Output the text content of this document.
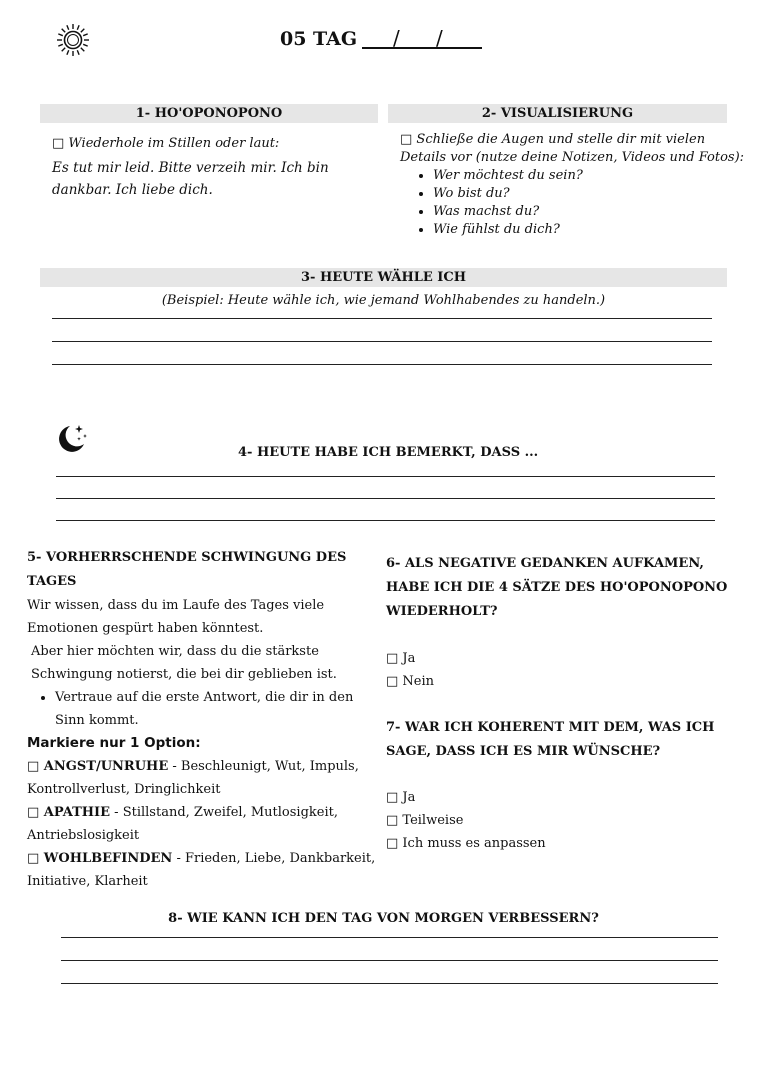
05 TAG / /
1- HO'OPONOPONO
□ Wiederhole im Stillen oder laut:
Es tut mir leid. Bitte verzeih mir. Ich bin dankbar. Ich liebe dich.
2- VISUALISIERUNG
□ Schließe die Augen und stelle dir mit vielen Details vor (nutze deine Notizen, Videos und Fotos):
• Wer möchtest du sein?
• Wo bist du?
• Was machst du?
• Wie fühlst du dich?
3- HEUTE WÄHLE ICH
(Beispiel: Heute wähle ich, wie jemand Wohlhabendes zu handeln.)
4- HEUTE HABE ICH BEMERKT, DASS ...
5- VORHERRSCHENDE SCHWINGUNG DES
TAGES
Wir wissen, dass du im Laufe des Tages viele Emotionen gespürt haben könntest.
Aber hier möchten wir, dass du die stärkste Schwingung notierst, die bei dir geblieben ist.
• Vertraue auf die erste Antwort, die dir in den Sinn kommt.
Markiere nur 1 Option:
□ ANGST/UNRUHE - Beschleunigt, Wut, Impuls, Kontrollverlust, Dringlichkeit
□ APATHIE - Stillstand, Zweifel, Mutlosigkeit, Antriebslosigkeit
□ WOHLBEFINDEN - Frieden, Liebe, Dankbarkeit, Initiative, Klarheit
6- ALS NEGATIVE GEDANKEN AUFKAMEN, HABE ICH DIE 4 SÄTZE DES HO'OPONOPONO WIEDERHOLT?
□ Ja
□ Nein
7- WAR ICH KOHERENT MIT DEM, WAS ICH SAGE, DASS ICH ES MIR WÜNSCHE?
□ Ja
□ Teilweise
□ Ich muss es anpassen
8- WIE KANN ICH DEN TAG VON MORGEN VERBESSERN?
